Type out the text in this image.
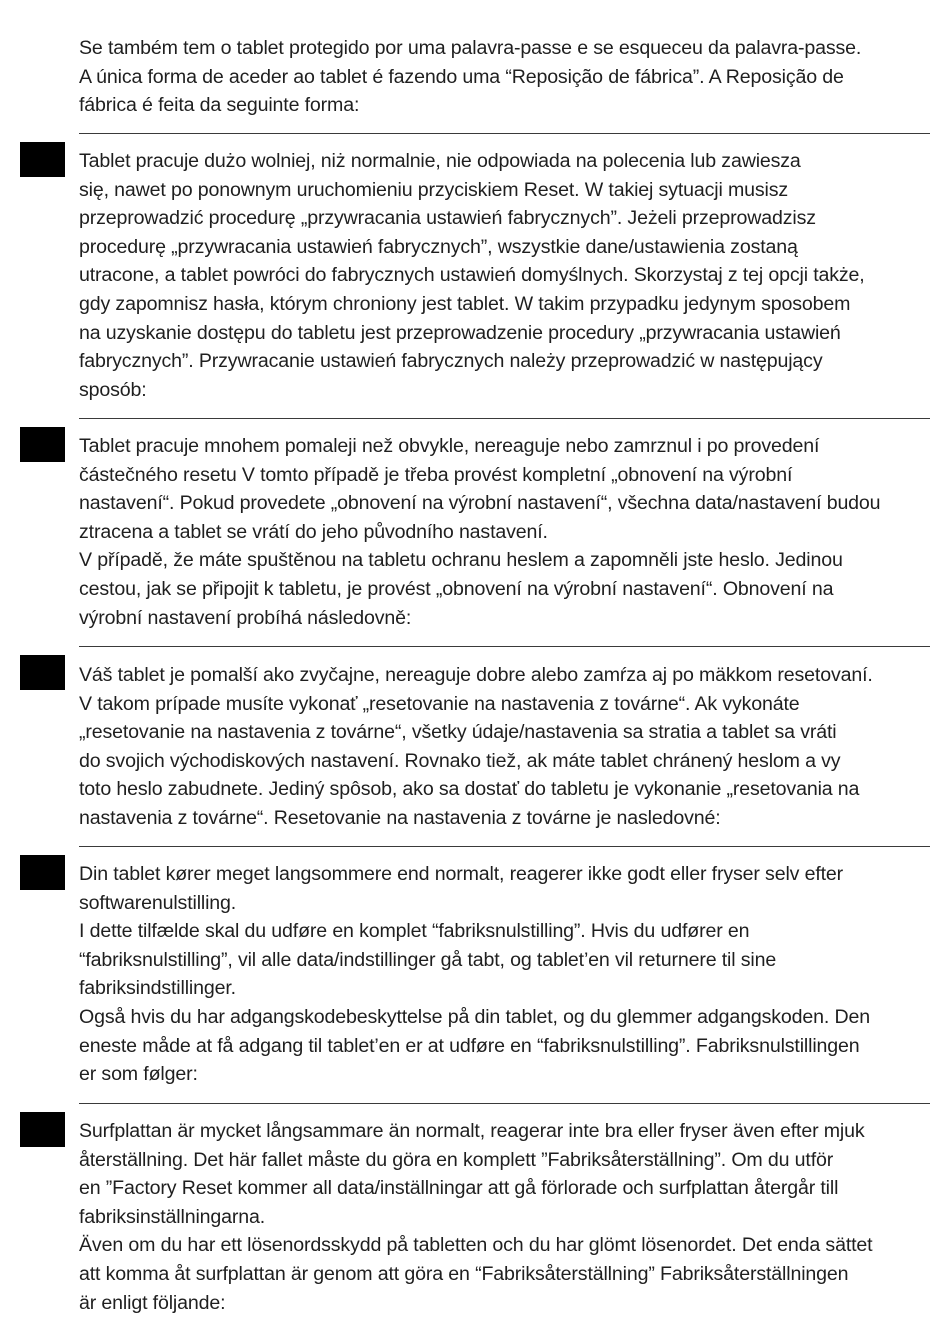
Se também tem o tablet protegido por uma palavra-passe e se esqueceu da palavra-passe.
A única forma de aceder ao tablet é fazendo uma “Reposição de fábrica”. A Reposição de
fábrica é feita da seguinte forma:
Tablet pracuje dużo wolniej, niż normalnie, nie odpowiada na polecenia lub zawiesza
się, nawet po ponownym uruchomieniu przyciskiem Reset. W takiej sytuacji musisz
przeprowadzić procedurę „przywracania ustawień fabrycznych”. Jeżeli przeprowadzisz
procedurę „przywracania ustawień fabrycznych”, wszystkie dane/ustawienia zostaną
utracone, a tablet powróci do fabrycznych ustawień domyślnych. Skorzystaj z tej opcji także,
gdy zapomnisz hasła, którym chroniony jest tablet. W takim przypadku jedynym sposobem
na uzyskanie dostępu do tabletu jest przeprowadzenie procedury „przywracania ustawień
fabrycznych”. Przywracanie ustawień fabrycznych należy przeprowadzić w następujący
sposób:
Tablet pracuje mnohem pomaleji než obvykle, nereaguje nebo zamrznul i po provedení
částečného resetu V tomto případě je třeba provést kompletní „obnovení na výrobní
nastavení“. Pokud provedete „obnovení na výrobní nastavení“, všechna data/nastavení budou
ztracena a tablet se vrátí do jeho původního nastavení.
V případě, že máte spuštěnou na tabletu ochranu heslem a zapomněli jste heslo. Jedinou
cestou, jak se připojit k tabletu, je provést „obnovení na výrobní nastavení“. Obnovení na
výrobní nastavení probíhá následovně:
Váš tablet je pomalší ako zvyčajne, nereaguje dobre alebo zamŕza aj po mäkkom resetovaní.
V takom prípade musíte vykonať „resetovanie na nastavenia z továrne“. Ak vykonáte
„resetovanie na nastavenia z továrne“, všetky údaje/nastavenia sa stratia a tablet sa vráti
do svojich východiskových nastavení. Rovnako tiež, ak máte tablet chránený heslom a vy
toto heslo zabudnete. Jediný spôsob, ako sa dostať do tabletu je vykonanie „resetovania na
nastavenia z továrne“. Resetovanie na nastavenia z továrne je nasledovné:
Din tablet kører meget langsommere end normalt, reagerer ikke godt eller fryser selv efter
softwarenulstilling.
I dette tilfælde skal du udføre en komplet “fabriksnulstilling”. Hvis du udfører en
“fabriksnulstilling”, vil alle data/indstillinger gå tabt, og tablet’en vil returnere til sine
fabriksindstillinger.
Også hvis du har adgangskodebeskyttelse på din tablet, og du glemmer adgangskoden. Den
eneste måde at få adgang til tablet’en er at udføre en “fabriksnulstilling”. Fabriksnulstillingen
er som følger:
Surfplattan är mycket långsammare än normalt, reagerar inte bra eller fryser även efter mjuk
återställning. Det här fallet måste du göra en komplett ”Fabriksåterställning”. Om du utför
en ”Factory Reset kommer all data/inställningar att gå förlorade och surfplattan återgår till
fabriksinställningarna.
Även om du har ett lösenordsskydd på tabletten och du har glömt lösenordet. Det enda sättet
att komma åt surfplattan är genom att göra en “Fabriksåterställning” Fabriksåterställningen
är enligt följande:
